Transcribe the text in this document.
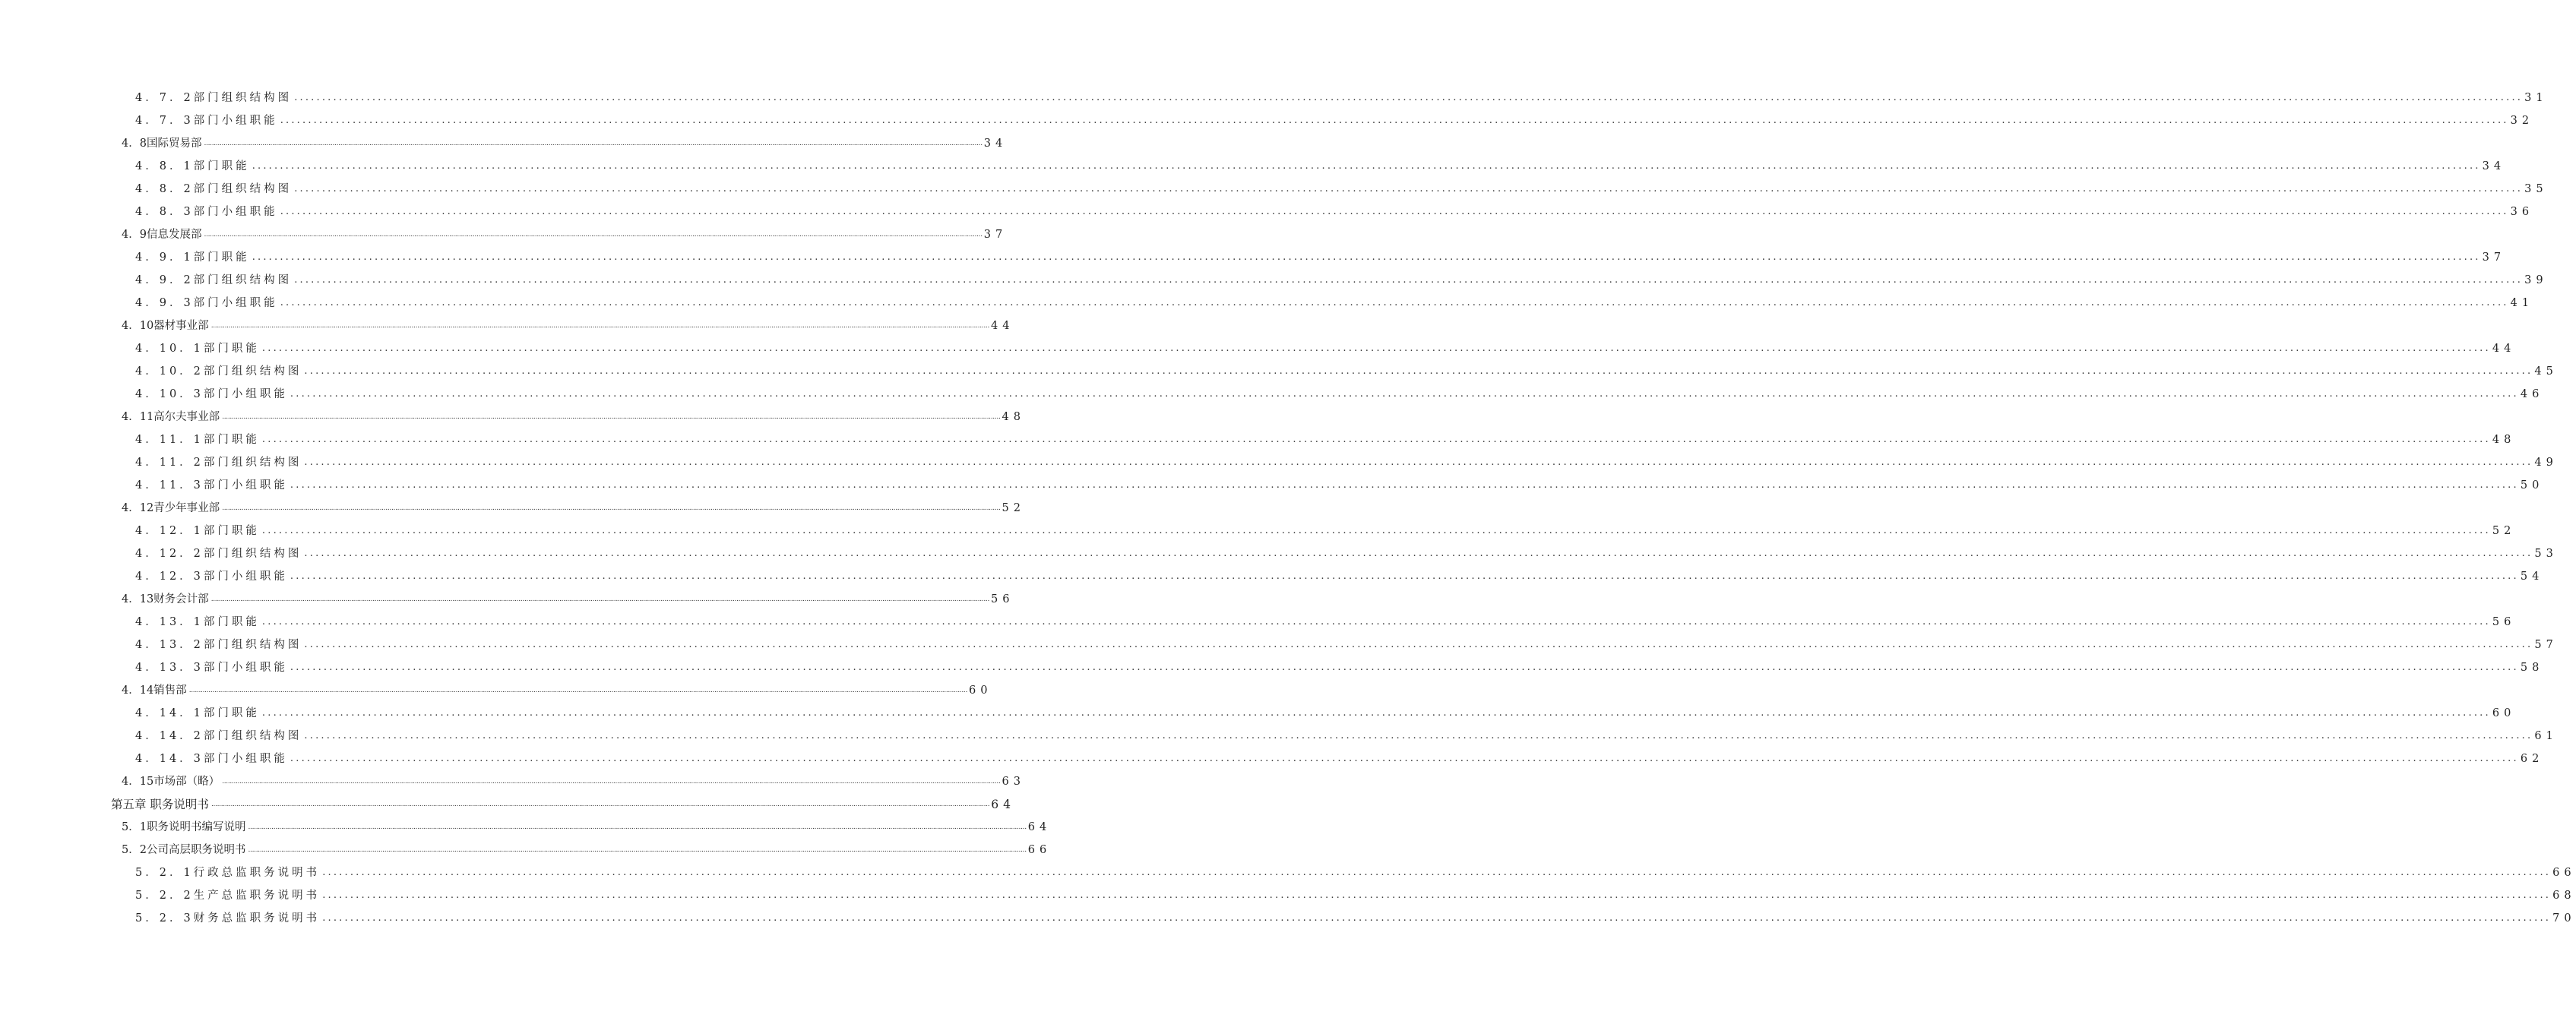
4．7．2部门组织结构图 ................................................................................................................................................................................................................................................................................................................................................................................................................ 31
4．7．3部门小组职能 ................................................................................................................................................................................................................................................................................................................................................................................................................ 32
4．8国际贸易部 ................................................................................................................................................................................................................................................................................................................................................................................................................ 34
4．8．1部门职能 ................................................................................................................................................................................................................................................................................................................................................................................................................ 34
4．8．2部门组织结构图 ................................................................................................................................................................................................................................................................................................................................................................................................................ 35
4．8．3部门小组职能 ................................................................................................................................................................................................................................................................................................................................................................................................................ 36
4．9信息发展部 ................................................................................................................................................................................................................................................................................................................................................................................................................ 37
4．9．1部门职能 ................................................................................................................................................................................................................................................................................................................................................................................................................ 37
4．9．2部门组织结构图 ................................................................................................................................................................................................................................................................................................................................................................................................................ 39
4．9．3部门小组职能 ................................................................................................................................................................................................................................................................................................................................................................................................................ 41
4．10器材事业部 ................................................................................................................................................................................................................................................................................................................................................................................................................ 44
4．10．1部门职能 ................................................................................................................................................................................................................................................................................................................................................................................................................ 44
4．10．2部门组织结构图 ................................................................................................................................................................................................................................................................................................................................................................................................................ 45
4．10．3部门小组职能 ................................................................................................................................................................................................................................................................................................................................................................................................................ 46
4．11高尔夫事业部 ................................................................................................................................................................................................................................................................................................................................................................................................................ 48
4．11．1部门职能 ................................................................................................................................................................................................................................................................................................................................................................................................................ 48
4．11．2部门组织结构图 ................................................................................................................................................................................................................................................................................................................................................................................................................ 49
4．11．3部门小组职能 ................................................................................................................................................................................................................................................................................................................................................................................................................ 50
4．12青少年事业部 ................................................................................................................................................................................................................................................................................................................................................................................................................ 52
4．12．1部门职能 ................................................................................................................................................................................................................................................................................................................................................................................................................ 52
4．12．2部门组织结构图 ................................................................................................................................................................................................................................................................................................................................................................................................................ 53
4．12．3部门小组职能 ................................................................................................................................................................................................................................................................................................................................................................................................................ 54
4．13财务会计部 ................................................................................................................................................................................................................................................................................................................................................................................................................ 56
4．13．1部门职能 ................................................................................................................................................................................................................................................................................................................................................................................................................ 56
4．13．2部门组织结构图 ................................................................................................................................................................................................................................................................................................................................................................................................................ 57
4．13．3部门小组职能 ................................................................................................................................................................................................................................................................................................................................................................................................................ 58
4．14销售部 ................................................................................................................................................................................................................................................................................................................................................................................................................ 60
4．14．1部门职能 ................................................................................................................................................................................................................................................................................................................................................................................................................ 60
4．14．2部门组织结构图 ................................................................................................................................................................................................................................................................................................................................................................................................................ 61
4．14．3部门小组职能 ................................................................................................................................................................................................................................................................................................................................................................................................................ 62
4．15市场部（略） ................................................................................................................................................................................................................................................................................................................................................................................................................ 63
第五章 职务说明书 ................................................................................................................................................................................................................................................................................................................................................................................................................ 64
5．1职务说明书编写说明 ................................................................................................................................................................................................................................................................................................................................................................................................................ 64
5．2公司高层职务说明书 ................................................................................................................................................................................................................................................................................................................................................................................................................ 66
5．2．1行政总监职务说明书 ................................................................................................................................................................................................................................................................................................................................................................................................................ 66
5．2．2生产总监职务说明书 ................................................................................................................................................................................................................................................................................................................................................................................................................ 68
5．2．3财务总监职务说明书 ................................................................................................................................................................................................................................................................................................................................................................................................................ 70
